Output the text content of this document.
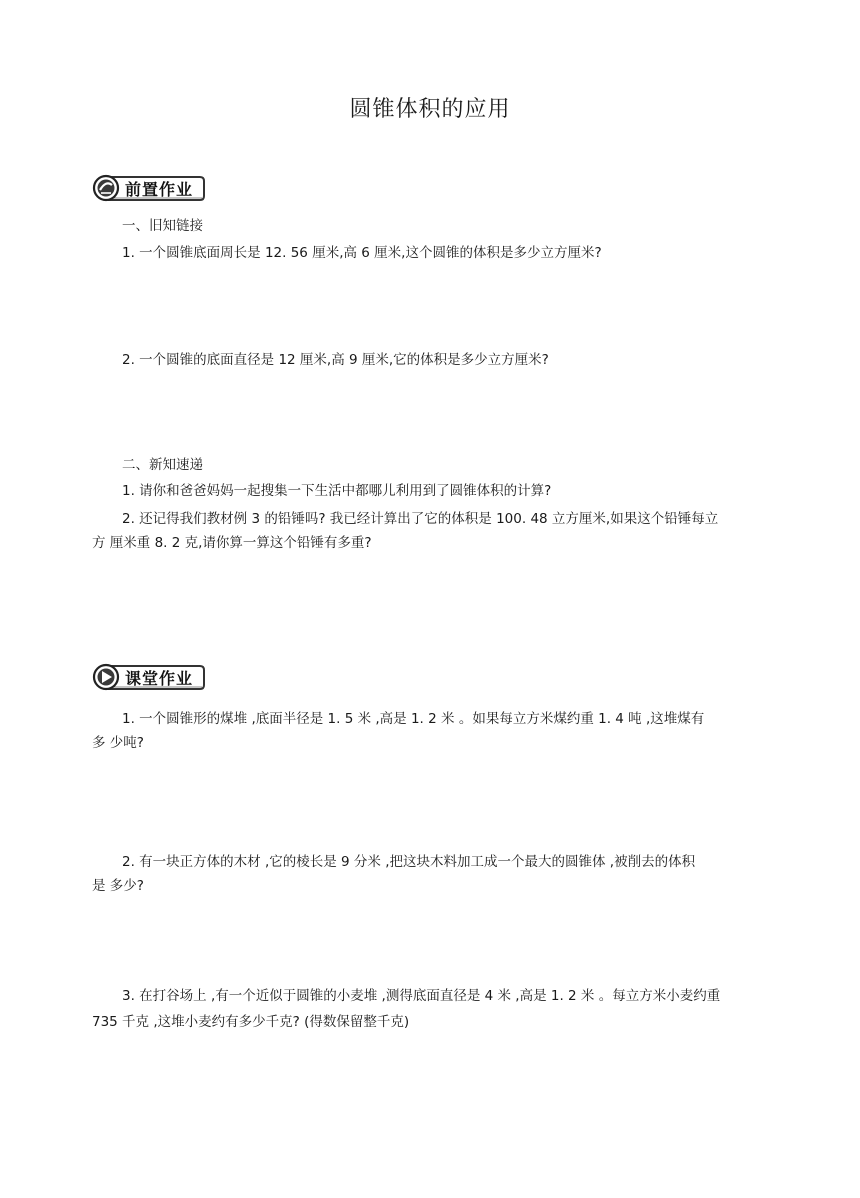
圆锥体积的应用
前置作业
一、旧知链接
1. 一个圆锥底面周长是 12. 56 厘米,高 6 厘米,这个圆锥的体积是多少立方厘米?
2. 一个圆锥的底面直径是 12 厘米,高 9 厘米,它的体积是多少立方厘米?
二、新知速递
1. 请你和爸爸妈妈一起搜集一下生活中都哪儿利用到了圆锥体积的计算?
2. 还记得我们教材例 3 的铅锤吗? 我已经计算出了它的体积是 100. 48 立方厘米,如果这个铅锤每立
方 厘米重 8. 2 克,请你算一算这个铅锤有多重?
课堂作业
1. 一个圆锥形的煤堆 ,底面半径是 1. 5 米 ,高是 1. 2 米 。如果每立方米煤约重 1. 4 吨 ,这堆煤有
多 少吨?
2. 有一块正方体的木材 ,它的棱长是 9 分米 ,把这块木料加工成一个最大的圆锥体 ,被削去的体积
是 多少?
3. 在打谷场上 ,有一个近似于圆锥的小麦堆 ,测得底面直径是 4 米 ,高是 1. 2 米 。每立方米小麦约重
735 千克 ,这堆小麦约有多少千克? (得数保留整千克)
